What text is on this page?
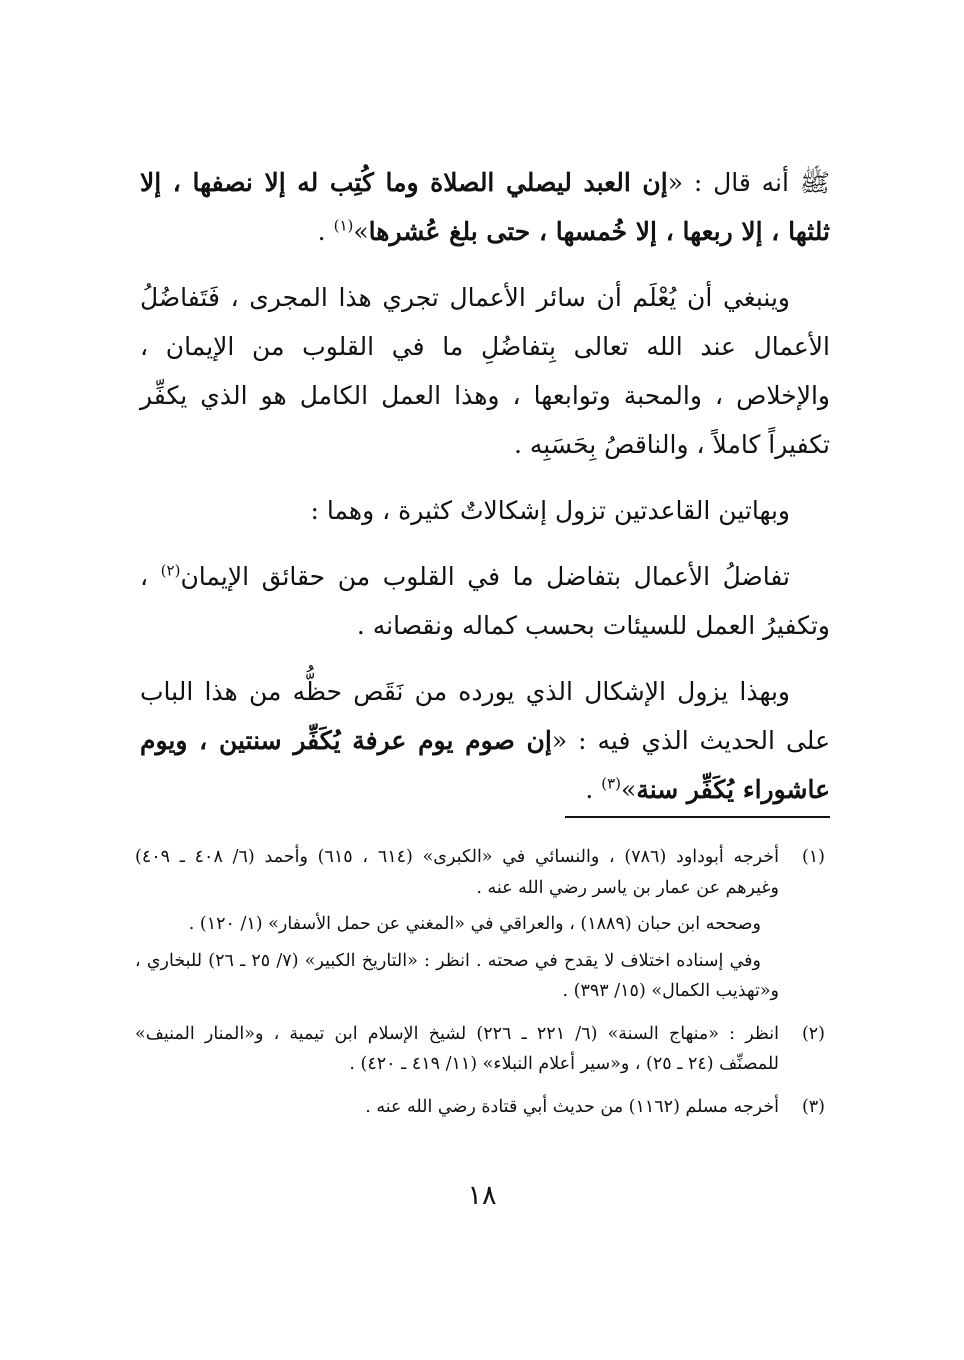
ﷺ أنه قال : «إن العبد ليصلي الصلاة وما كُتِب له إلا نصفها ، إلا ثلثها ، إلا ربعها ، إلا خُمسها ، حتى بلغ عُشرها»$^{(١)}$ .

وينبغي أن يُعْلَم أن سائر الأعمال تجري هذا المجرى ، فَتَفاضُلُ الأعمال عند الله تعالى بِتفاضُلِ ما في القلوب من الإيمان ، والإخلاص ، والمحبة وتوابعها ، وهذا العمل الكامل هو الذي يكفِّر تكفيراً كاملاً ، والناقصُ بِحَسَبِه .

وبهاتين القاعدتين تزول إشكالاتٌ كثيرة ، وهما :

تفاضلُ الأعمال بتفاضل ما في القلوب من حقائق الإيمان$^{(٢)}$ ، وتكفيرُ العمل للسيئات بحسب كماله ونقصانه .

وبهذا يزول الإشكال الذي يورده من نَقَص حظُّه من هذا الباب على الحديث الذي فيه : «إن صوم يوم عرفة يُكَفِّر سنتين ، ويوم عاشوراء يُكَفِّر سنة»$^{(٣)}$ .

(١)

أخرجه أبوداود (٧٨٦) ، والنسائي في «الكبرى» (٦١٤ ، ٦١٥) وأحمد (٦/ ٤٠٨ ـ ٤٠٩) وغيرهم عن عمار بن ياسر رضي الله عنه .

وصححه ابن حبان (١٨٨٩) ، والعراقي في «المغني عن حمل الأسفار» (١/ ١٢٠) .

وفي إسناده اختلاف لا يقدح في صحته . انظر : «التاريخ الكبير» (٧/ ٢٥ ـ ٢٦) للبخاري ، و«تهذيب الكمال» (١٥/ ٣٩٣) .

(٢)

انظر : «منهاج السنة» (٦/ ٢٢١ ـ ٢٢٦) لشيخ الإسلام ابن تيمية ، و«المنار المنيف» للمصنِّف (٢٤ ـ ٢٥) ، و«سير أعلام النبلاء» (١١/ ٤١٩ ـ ٤٢٠) .

(٣)

أخرجه مسلم (١١٦٢) من حديث أبي قتادة رضي الله عنه .

١٨
